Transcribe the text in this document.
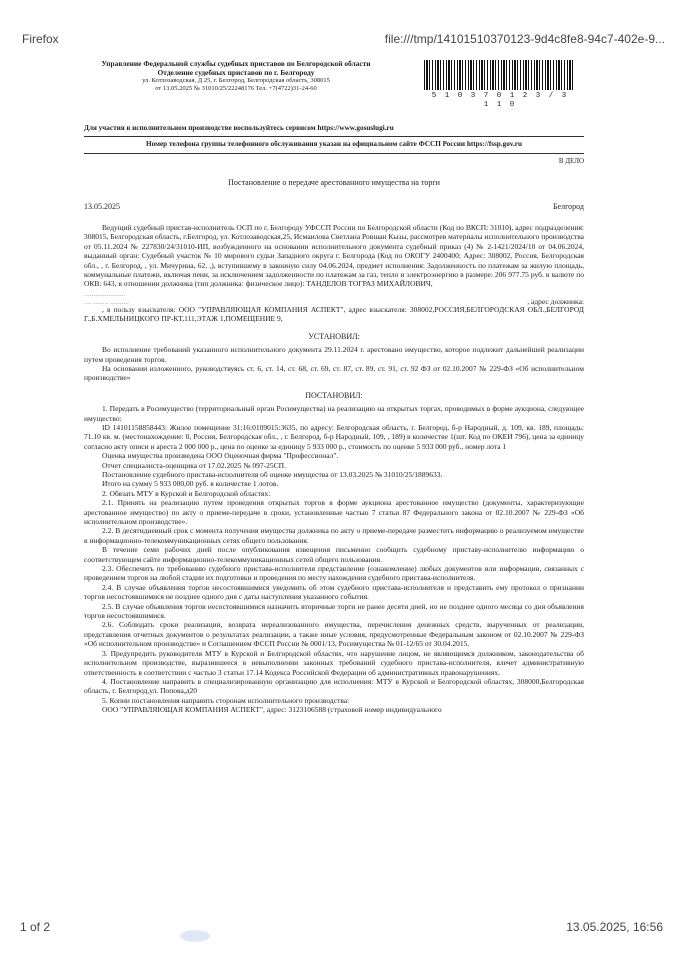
Firefox	file:///tmp/14101510370123-9d4c8fe8-94c7-402e-9...
Управление Федеральной службы судебных приставов по Белгородской области
Отделение судебных приставов по г. Белгороду
ул. Котлозаводская, Д 25, г. Белгород, Белгородская область, 308015
от 13.05.2025 № 31010/25/22248176 Тел. +7(4722)31-24-60
5 1 0 3 7 0 1 2 3 / 3 1 1 0
Для участия в исполнительном производстве воспользуйтесь сервисом https://www.gosuslugi.ru
Номер телефона группы телефонного обслуживания указан на официальном сайте ФССП России https://fssp.gov.ru
В ДЕЛО
Постановление о передаче арестованного имущества на торги
13.05.2025	Белгород

Ведущий судебный пристав-исполнитель ОСП по г. Белгороду УФССП России по Белгородской области (Код по ВКСП: 31010), адрес подразделения: 308015, Белгородская область, г.Белгород, ул. Котлозаводская,25, Исмаилова Светлана Ровшан Кызы, рассмотрев материалы исполнительного производства от 05.11.2024 № 227830/24/31010-ИП, возбужденного на основании исполнительного документа судебный приказ (4) № 2-1421/2024/10 от 04.06.2024, выданный орган: Судебный участок № 10 мирового судьи Западного округа г. Белгорода (Код по ОКОГУ 2400400; Адрес: 308002, Россия, Белгородская обл., , г. Белгород, , ул. Мичурина, 62, ,), вступившему в законную силу 04.06.2024, предмет исполнения: Задолженность по платежам за жилую площадь, коммунальные платежи, включая пени, за исключением задолженности по платежам за газ, тепло и электроэнергию в размере: 206 977.75 руб. в валюте по ОКВ: 643, в отношении должника (тип должника: физическое лицо): ТАНДЕЛОВ ТОГРАЗ МИХАЙЛОВИЧ,

......................
.... ........ ..........	, адрес должника:

, в пользу взыскателя: ООО "УПРАВЛЯЮЩАЯ КОМПАНИЯ АСПЕКТ", адрес взыскателя: 308002,РОССИЯ,БЕЛГОРОДСКАЯ ОБЛ.,БЕЛГОРОД Г.,Б.ХМЕЛЬНИЦКОГО ПР-КТ,111,ЭТАЖ 1,ПОМЕЩЕНИЕ 9,

УСТАНОВИЛ:

Во исполнение требований указанного исполнительного документа 29.11.2024 г. арестовано имущество, которое подлежит дальнейшей реализации путем проведения торгов.

На основании изложенного, руководствуясь ст. 6, ст. 14, ст. 68, ст. 69, ст. 87, ст. 89, ст. 91, ст. 92 ФЗ от 02.10.2007 № 229-ФЗ «Об исполнительном производстве»

ПОСТАНОВИЛ:

1. Передать в Росимущество (территориальный орган Росимущества) на реализацию на открытых торгах, проводимых в форме аукциона, следующее имущество:

ID 14101158858443: Жилое помещение 31:16:0109015:3635, по адресу: Белгородская область, г. Белгород, б-р Народный, д. 109, кв. 189, площадь: 71.10 кв. м. (местонахождение: 0, Россия, Белгородская обл., , г. Белгород, б-р Народный, 109, , 189) в количестве 1(шт. Код по ОКЕИ 796), цена за единицу согласно акту описи и ареста 2 000 000 р., цена по оценке за единицу 5 933 000 р., стоимость по оценке 5 933 000 руб., номер лота 1

Оценка имущества произведена ООО Оценочная фирма "Профессионал".

Отчет специалиста-оценщика от 17.02.2025 № 097-25СП.

Постановление судебного пристава-исполнителя об оценке имущества от 13.03.2025 № 31010/25/1889633.

Итого на сумму 5 933 000,00 руб. в количестве 1 лотов.

2. Обязать МТУ в Курской и Белгородской областях:

2.1. Принять на реализацию путем проведения открытых торгов в форме аукциона арестованное имущество (документы, характеризующие арестованное имущество) по акту о приеме-передаче в сроки, установленные частью 7 статьи 87 Федерального закона от 02.10.2007 № 229-ФЗ «Об исполнительном производстве».

2.2. В десятидневный срок с момента получения имущества должника по акту о приеме-передаче разместить информацию о реализуемом имуществе в информационно-телекоммуникационных сетях общего пользования.

В течение семи рабочих дней после опубликования извещения письменно сообщить судебному приставу-исполнителю информацию о соответствующем сайте информационно-телекоммуникационных сетей общего пользования.

2.3. Обеспечить по требованию судебного пристава-исполнителя представление (ознакомление) любых документов или информации, связанных с проведением торгов на любой стадии их подготовки и проведения по месту нахождения судебного пристава-исполнителя.

2.4. В случае объявления торгов несостоявшимися уведомить об этом судебного пристава-исполнителя и представить ему протокол о признании торгов несостоявшимися не позднее одного дня с даты наступления указанного события.

2.5. В случае объявления торгов несостоявшимися назначить вторичные торги не ранее десяти дней, но не позднее одного месяца со дня объявления торгов несостоявшимися.

2.6. Соблюдать сроки реализации, возврата нереализованного имущества, перечисления денежных средств, вырученных от реализации, представления отчетных документов о результатах реализации, а также иные условия, предусмотренные Федеральным законом от 02.10.2007 № 229-ФЗ «Об исполнительном производстве» и Соглашением ФССП России № 0001/13, Росимущества № 01-12/65 от 30.04.2015.

3. Предупредить руководителя МТУ в Курской и Белгородской областях, что нарушение лицом, не являющимся должником, законодательства об исполнительном производстве, выразившееся в невыполнении законных требований судебного пристава-исполнителя, влечет административную ответственность в соответствии с частью 3 статьи 17.14 Кодекса Российской Федерации об административных правонарушениях.

4. Постановление направить в специализированную организацию для исполнения: МТУ в Курской и Белгородской областях, 308000,Белгородская область, г. Белгород,ул. Попова,д20

5. Копии постановления направить сторонам исполнительного производства:

ООО "УПРАВЛЯЮЩАЯ КОМПАНИЯ АСПЕКТ", адрес: 3123106588 (страховой номер индивидуального

1 of 2	13.05.2025, 16:56
